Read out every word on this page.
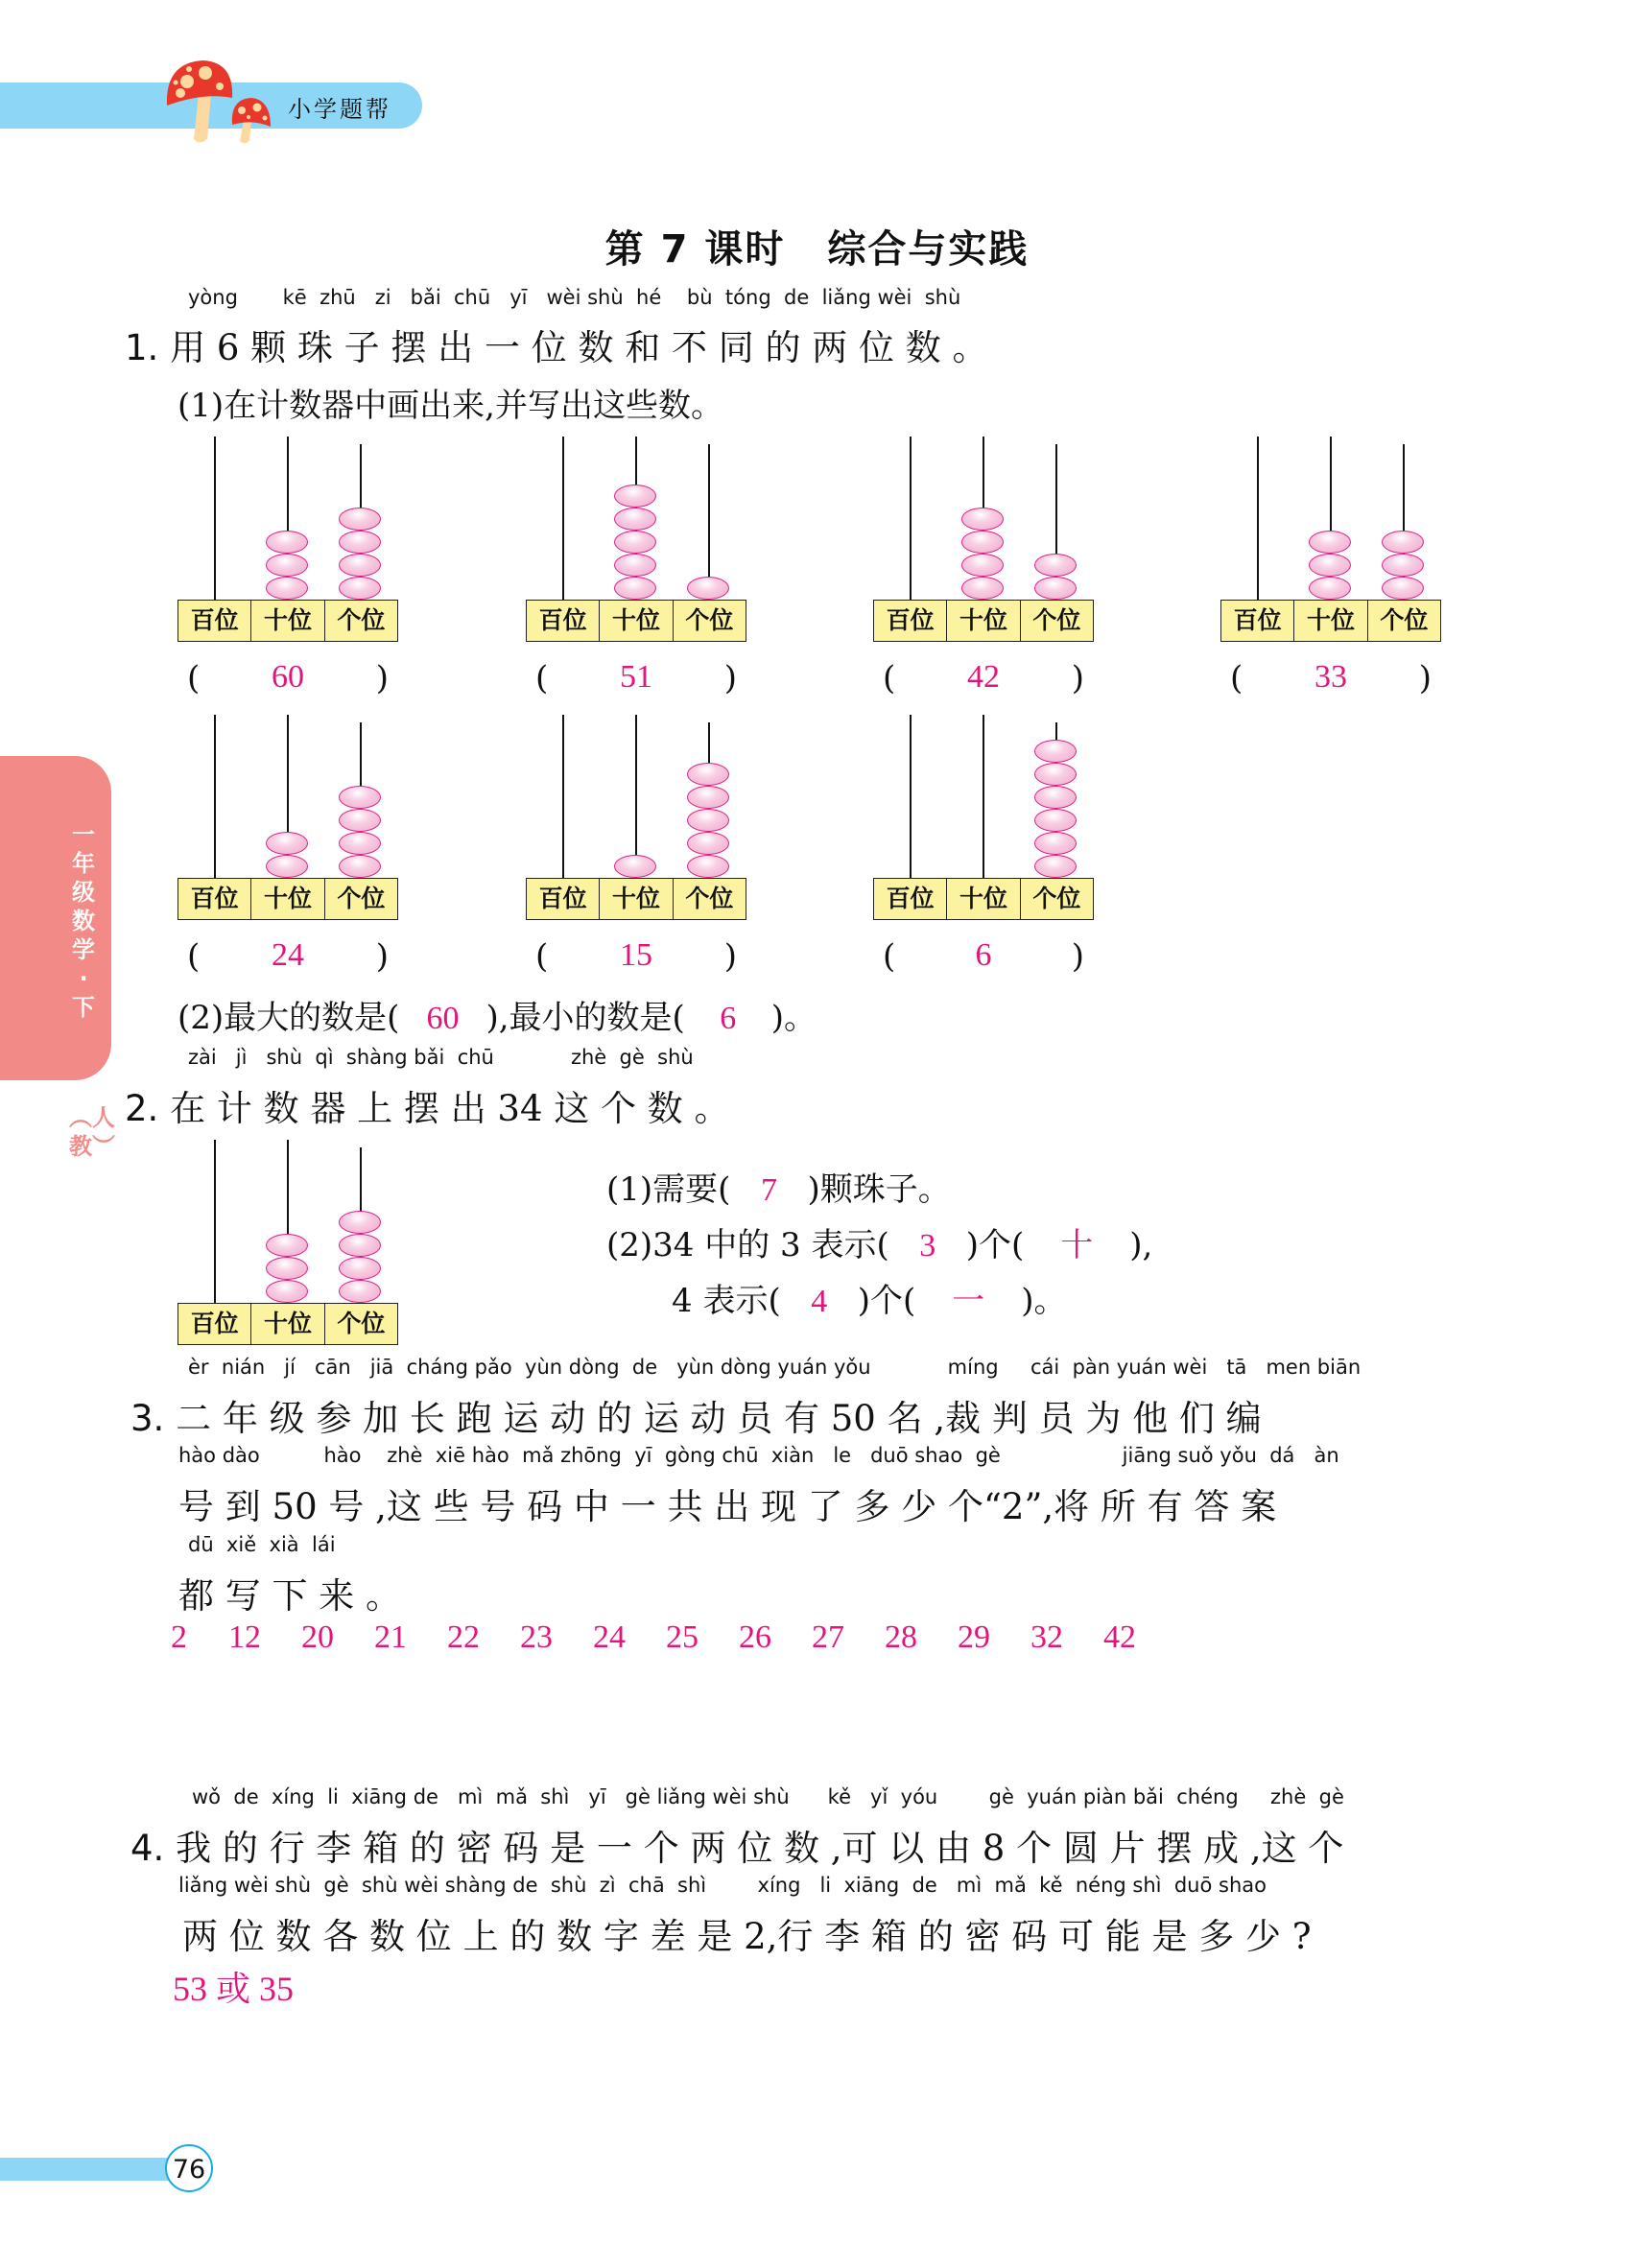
小学题帮
第 7 课时 综合与实践
一年级数学·下
︵人教︶
yòng       kē  zhū   zi   bǎi  chū   yī   wèi shù  hé    bù  tóng  de  liǎng wèi  shù
1. 用 6 颗 珠 子 摆 出 一 位 数 和 不 同 的 两 位 数 。
(1)在计数器中画出来,并写出这些数。
百位	十位	个位
( 60 )
百位	十位	个位
( 51 )
百位	十位	个位
( 42 )
百位	十位	个位
( 33 )
百位	十位	个位
( 24 )
百位	十位	个位
( 15 )
百位	十位	个位
( 6 )
(2)最大的数是( 60 ),最小的数是( 6 )。
zài   jì   shù  qì  shàng bǎi  chū            zhè  gè  shù
2. 在 计 数 器 上 摆 出 34 这 个 数 。
百位	十位	个位
(1)需要( 7 )颗珠子。
(2)34 中的 3 表示( 3 )个( 十 ),
4 表示( 4 )个( 一 )。
èr  nián   jí   cān   jiā  cháng pǎo  yùn dòng  de   yùn dòng yuán yǒu            míng     cái  pàn yuán wèi   tā   men biān
3. 二 年 级 参 加 长 跑 运 动 的 运 动 员 有 50 名 ,裁 判 员 为 他 们 编
hào dào          hào    zhè  xiē hào  mǎ zhōng  yī  gòng chū  xiàn   le   duō shao  gè                   jiāng suǒ yǒu  dá   àn
号 到 50 号 ,这 些 号 码 中 一 共 出 现 了 多 少 个“2”,将 所 有 答 案
dū  xiě  xià  lái
都 写 下 来 。
2	12	20	21	22	23	24	25	26	27	28	29	32	42
wǒ  de  xíng  li  xiāng de   mì  mǎ  shì   yī   gè liǎng wèi shù      kě   yǐ  yóu        gè  yuán piàn bǎi  chéng     zhè  gè
4. 我 的 行 李 箱 的 密 码 是 一 个 两 位 数 ,可 以 由 8 个 圆 片 摆 成 ,这 个
liǎng wèi shù  gè  shù wèi shàng de  shù  zì  chā  shì        xíng   li  xiāng  de   mì  mǎ  kě  néng shì  duō shao
两 位 数 各 数 位 上 的 数 字 差 是 2,行 李 箱 的 密 码 可 能 是 多 少 ?
53 或 35
76
